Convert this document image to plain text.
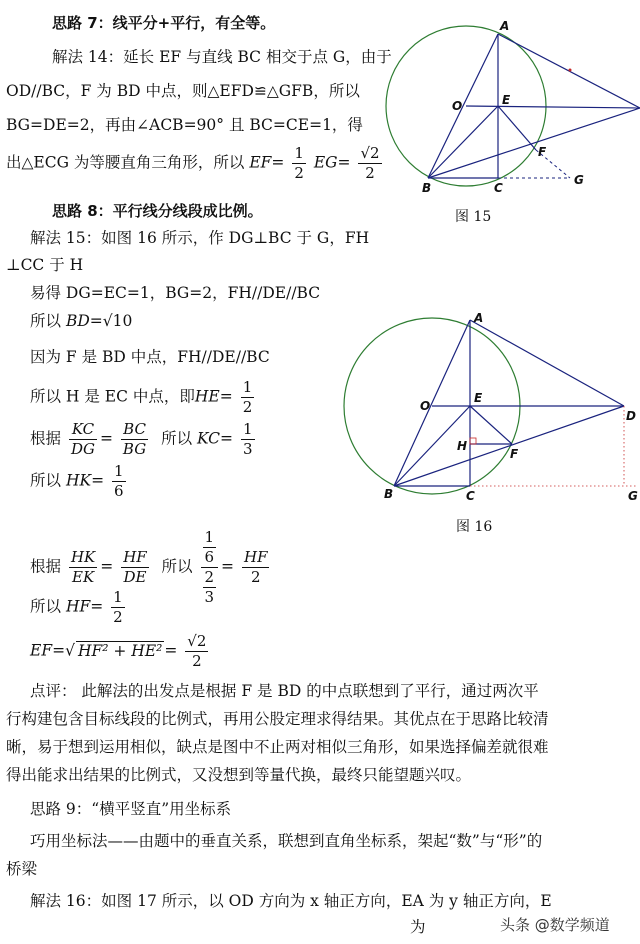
思路 7：线平分+平行，有全等。
解法 14：延长 EF 与直线 BC 相交于点 G，由于
OD//BC，F 为 BD 中点，则△EFD≌△GFB，所以
BG=DE=2，再由∠ACB=90° 且 BC=CE=1，得
出△ECG 为等腰直角三角形，所以 $EF= \frac{1}{2} EG= \frac{√2}{2}$
思路 8：平行线分线段成比例。
解法 15：如图 16 所示，作 DG⊥BC 于 G，FH
⊥CC 于 H
易得 DG=EC=1，BG=2，FH//DE//BC
所以 BD=√10
因为 F 是 BD 中点，FH//DE//BC
所以 H 是 EC 中点，即$HE= \frac{1}{2}$
根据 $\frac{KC}{DG} = \frac{BC}{BG}$ 所以 $KC= \frac{1}{3}$
所以 $HK= \frac{1}{6}$
根据 $\frac{HK}{EK} = \frac{HF}{DE}$ 所以 $\frac{\frac{1}{6}}{\frac{2}{3}} = \frac{HF}{2}$
所以 $HF= \frac{1}{2}$
EF=√ $HF^2 + HE^2 = \frac{√2}{2}$
点评： 此解法的出发点是根据 F 是 BD 的中点联想到了平行，通过两次平
行构建包含目标线段的比例式，再用公股定理求得结果。其优点在于思路比较清
晰，易于想到运用相似，缺点是图中不止两对相似三角形，如果选择偏差就很难
得出能求出结果的比例式，又没想到等量代换，最终只能望题兴叹。
思路 9：“横平竖直”用坐标系
巧用坐标法——由题中的垂直关系，联想到直角坐标系，架起“数”与“形”的
桥梁
解法 16：如图 17 所示，以 OD 方向为 x 轴正方向，EA 为 y 轴正方向，E
为
A
O	E
F
B	C
G
图 15
A
O
E
H
F
D
B	C	G
图 16
头条 @数学频道
